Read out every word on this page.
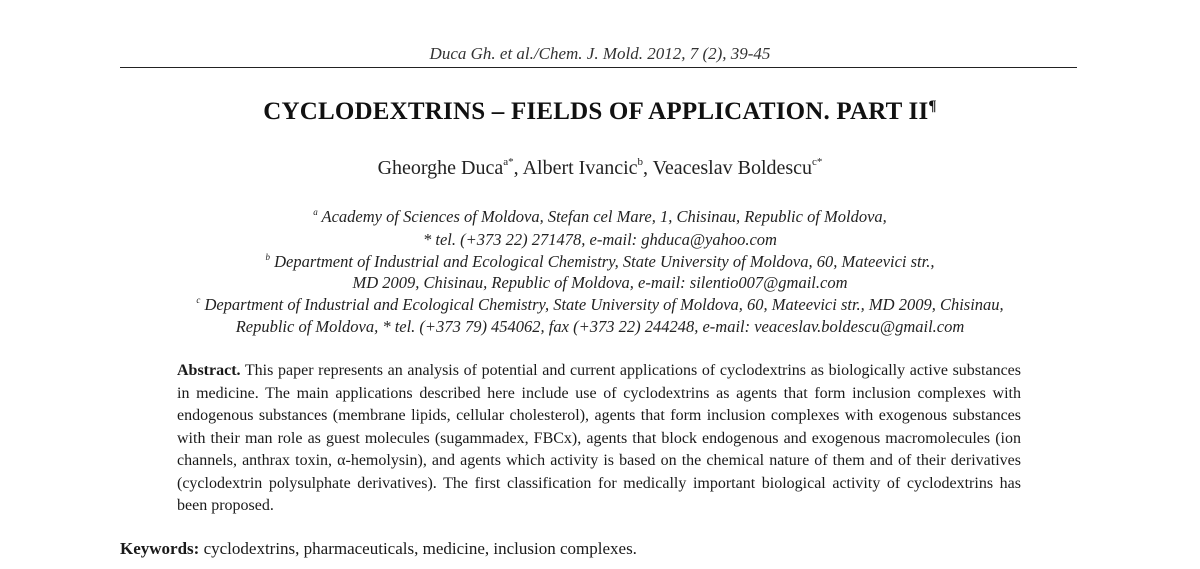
Duca Gh. et al./Chem. J. Mold. 2012, 7 (2), 39-45
CYCLODEXTRINS – FIELDS OF APPLICATION. PART II¶
Gheorghe Duca$^{a*}$, Albert Ivancic$^b$, Veaceslav Boldescu$^{c*}$
$^a$ Academy of Sciences of Moldova, Stefan cel Mare, 1, Chisinau, Republic of Moldova,
* tel. (+373 22) 271478, e-mail: ghduca@yahoo.com
$^b$ Department of Industrial and Ecological Chemistry, State University of Moldova, 60, Mateevici str.,
MD 2009, Chisinau, Republic of Moldova, e-mail: silentio007@gmail.com
$^c$ Department of Industrial and Ecological Chemistry, State University of Moldova, 60, Mateevici str., MD 2009, Chisinau,
Republic of Moldova, * tel. (+373 79) 454062, fax (+373 22) 244248, e-mail: veaceslav.boldescu@gmail.com
Abstract. This paper represents an analysis of potential and current applications of cyclodextrins as biologically active substances in medicine. The main applications described here include use of cyclodextrins as agents that form inclusion complexes with endogenous substances (membrane lipids, cellular cholesterol), agents that form inclusion complexes with exogenous substances with their man role as guest molecules (sugammadex, FBCx), agents that block endogenous and exogenous macromolecules (ion channels, anthrax toxin, α-hemolysin), and agents which activity is based on the chemical nature of them and of their derivatives (cyclodextrin polysulphate derivatives). The first classification for medically important biological activity of cyclodextrins has been proposed.
Keywords: cyclodextrins, pharmaceuticals, medicine, inclusion complexes.
